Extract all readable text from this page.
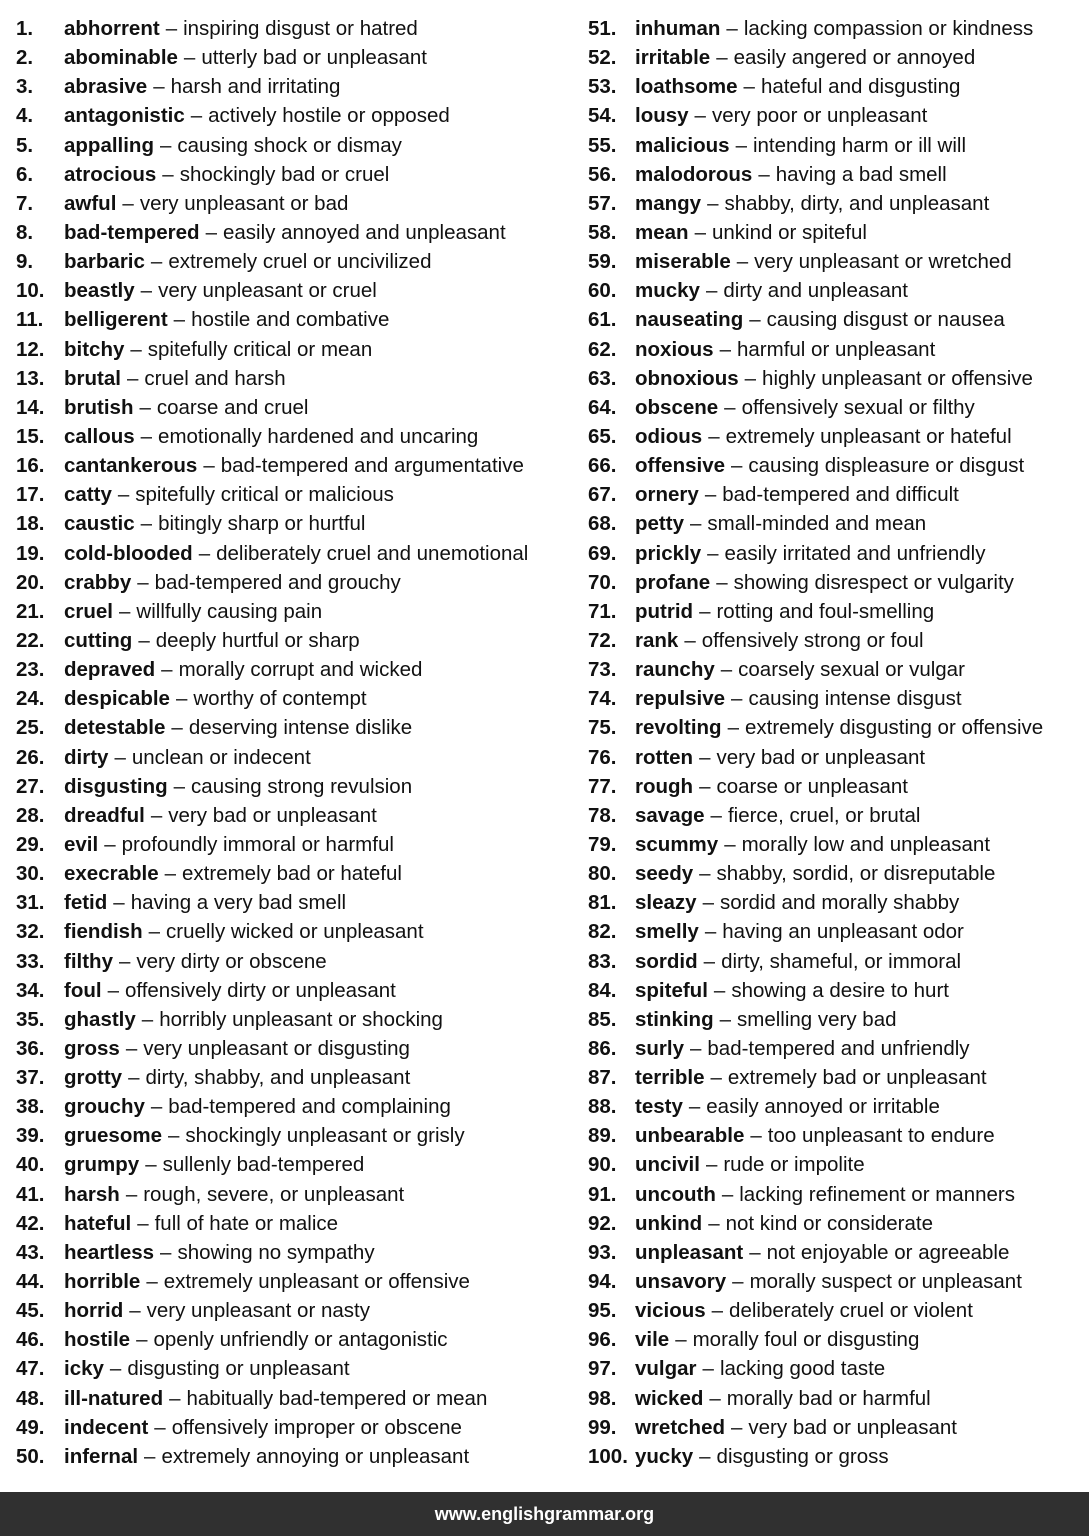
1.	abhorrent – inspiring disgust or hatred
2.	abominable – utterly bad or unpleasant
3.	abrasive – harsh and irritating
4.	antagonistic – actively hostile or opposed
5.	appalling – causing shock or dismay
6.	atrocious – shockingly bad or cruel
7.	awful – very unpleasant or bad
8.	bad-tempered – easily annoyed and unpleasant
9.	barbaric – extremely cruel or uncivilized
10. beastly – very unpleasant or cruel
11.	belligerent – hostile and combative
12. bitchy – spitefully critical or mean
13. brutal – cruel and harsh
14. brutish – coarse and cruel
15. callous – emotionally hardened and uncaring
16. cantankerous – bad-tempered and argumentative
17. catty – spitefully critical or malicious
18. caustic – bitingly sharp or hurtful
19. cold-blooded – deliberately cruel and unemotional
20. crabby – bad-tempered and grouchy
21. cruel – willfully causing pain
22. cutting – deeply hurtful or sharp
23. depraved – morally corrupt and wicked
24. despicable – worthy of contempt
25. detestable – deserving intense dislike
26. dirty – unclean or indecent
27. disgusting – causing strong revulsion
28. dreadful – very bad or unpleasant
29. evil – profoundly immoral or harmful
30. execrable – extremely bad or hateful
31. fetid – having a very bad smell
32. fiendish – cruelly wicked or unpleasant
33. filthy – very dirty or obscene
34. foul – offensively dirty or unpleasant
35. ghastly – horribly unpleasant or shocking
36. gross – very unpleasant or disgusting
37. grotty – dirty, shabby, and unpleasant
38. grouchy – bad-tempered and complaining
39. gruesome – shockingly unpleasant or grisly
40. grumpy – sullenly bad-tempered
41. harsh – rough, severe, or unpleasant
42. hateful – full of hate or malice
43. heartless – showing no sympathy
44. horrible – extremely unpleasant or offensive
45. horrid – very unpleasant or nasty
46. hostile – openly unfriendly or antagonistic
47. icky – disgusting or unpleasant
48. ill-natured – habitually bad-tempered or mean
49. indecent – offensively improper or obscene
50. infernal – extremely annoying or unpleasant
51. inhuman – lacking compassion or kindness
52. irritable – easily angered or annoyed
53. loathsome – hateful and disgusting
54. lousy – very poor or unpleasant
55. malicious – intending harm or ill will
56. malodorous – having a bad smell
57. mangy – shabby, dirty, and unpleasant
58. mean – unkind or spiteful
59. miserable – very unpleasant or wretched
60. mucky – dirty and unpleasant
61. nauseating – causing disgust or nausea
62. noxious – harmful or unpleasant
63. obnoxious – highly unpleasant or offensive
64. obscene – offensively sexual or filthy
65. odious – extremely unpleasant or hateful
66. offensive – causing displeasure or disgust
67. ornery – bad-tempered and difficult
68. petty – small-minded and mean
69. prickly – easily irritated and unfriendly
70. profane – showing disrespect or vulgarity
71. putrid – rotting and foul-smelling
72. rank – offensively strong or foul
73. raunchy – coarsely sexual or vulgar
74. repulsive – causing intense disgust
75. revolting – extremely disgusting or offensive
76. rotten – very bad or unpleasant
77. rough – coarse or unpleasant
78. savage – fierce, cruel, or brutal
79. scummy – morally low and unpleasant
80. seedy – shabby, sordid, or disreputable
81. sleazy – sordid and morally shabby
82. smelly – having an unpleasant odor
83. sordid – dirty, shameful, or immoral
84. spiteful – showing a desire to hurt
85. stinking – smelling very bad
86. surly – bad-tempered and unfriendly
87. terrible – extremely bad or unpleasant
88. testy – easily annoyed or irritable
89. unbearable – too unpleasant to endure
90. uncivil – rude or impolite
91. uncouth – lacking refinement or manners
92. unkind – not kind or considerate
93. unpleasant – not enjoyable or agreeable
94. unsavory – morally suspect or unpleasant
95. vicious – deliberately cruel or violent
96. vile – morally foul or disgusting
97. vulgar – lacking good taste
98. wicked – morally bad or harmful
99. wretched – very bad or unpleasant
100. yucky – disgusting or gross
www.englishgrammar.org
